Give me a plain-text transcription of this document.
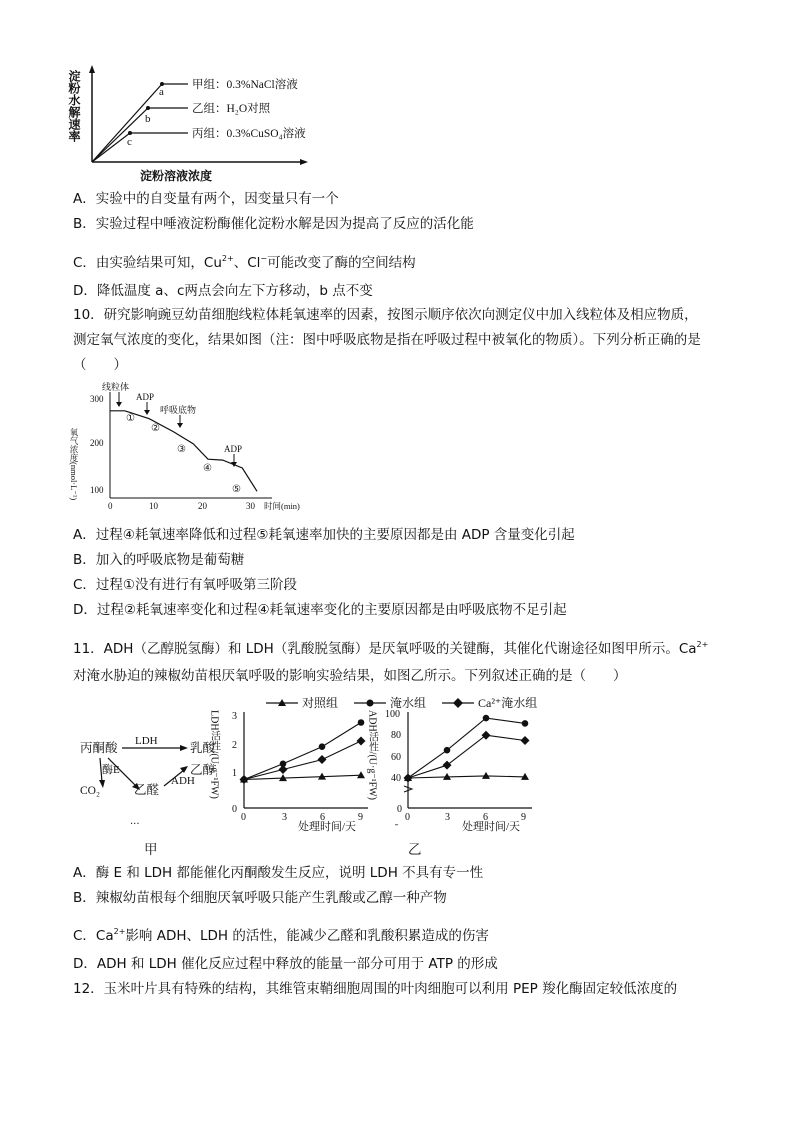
淀粉水解速率	a
b
c
甲组：0.3%NaCl溶液
乙组：H₂O对照
丙组：0.3%CuSO₄溶液
淀粉溶液浓度
A．实验中的自变量有两个，因变量只有一个
B．实验过程中唾液淀粉酶催化淀粉水解是因为提高了反应的活化能
C．由实验结果可知，$Cu^{2+}$、Cl−可能改变了酶的空间结构
D．降低温度 a、c两点会向左下方移动，b 点不变
10．研究影响豌豆幼苗细胞线粒体耗氧速率的因素，按图示顺序依次向测定仪中加入线粒体及相应物质，
测定氧气浓度的变化，结果如图（注：图中呼吸底物是指在呼吸过程中被氧化的物质）。下列分析正确的是
（　　）
氧气浓度(nmol·L⁻¹)
300
200
100
0	10	20	30 时间(min)
线粒体
ADP
呼吸底物
ADP
①
②
③
④
⑤
A．过程④耗氧速率降低和过程⑤耗氧速率加快的主要原因都是由 ADP 含量变化引起
B．加入的呼吸底物是葡萄糖
C．过程①没有进行有氧呼吸第三阶段
D．过程②耗氧速率变化和过程④耗氧速率变化的主要原因都是由呼吸底物不足引起
11．ADH（乙醇脱氢酶）和 LDH（乳酸脱氢酶）是厌氧呼吸的关键酶，其催化代谢途径如图甲所示。$Ca^{2+}$
对淹水胁迫的辣椒幼苗根厌氧呼吸的影响实验结果，如图乙所示。下列叙述正确的是（　　）
丙酮酸 LDH	乳酸
酶E
CO₂	乙醛
ADH
乙醇
···
对照组	淹水组	Ca²⁺淹水组
LDH活性/(U·g⁻¹FW)
0
1
2
3
0	3	6	9
处理时间/天
ADH活性/(U·g⁻¹FW)
0
40
60
80
100
0	3	6	9
处理时间/天
甲
¯
乙
A．酶 E 和 LDH 都能催化丙酮酸发生反应，说明 LDH 不具有专一性
B．辣椒幼苗根每个细胞厌氧呼吸只能产生乳酸或乙醇一种产物
C．$Ca^{2+}$影响 ADH、LDH 的活性，能减少乙醛和乳酸积累造成的伤害
D．ADH 和 LDH 催化反应过程中释放的能量一部分可用于 ATP 的形成
12．玉米叶片具有特殊的结构，其维管束鞘细胞周围的叶肉细胞可以利用 PEP 羧化酶固定较低浓度的
